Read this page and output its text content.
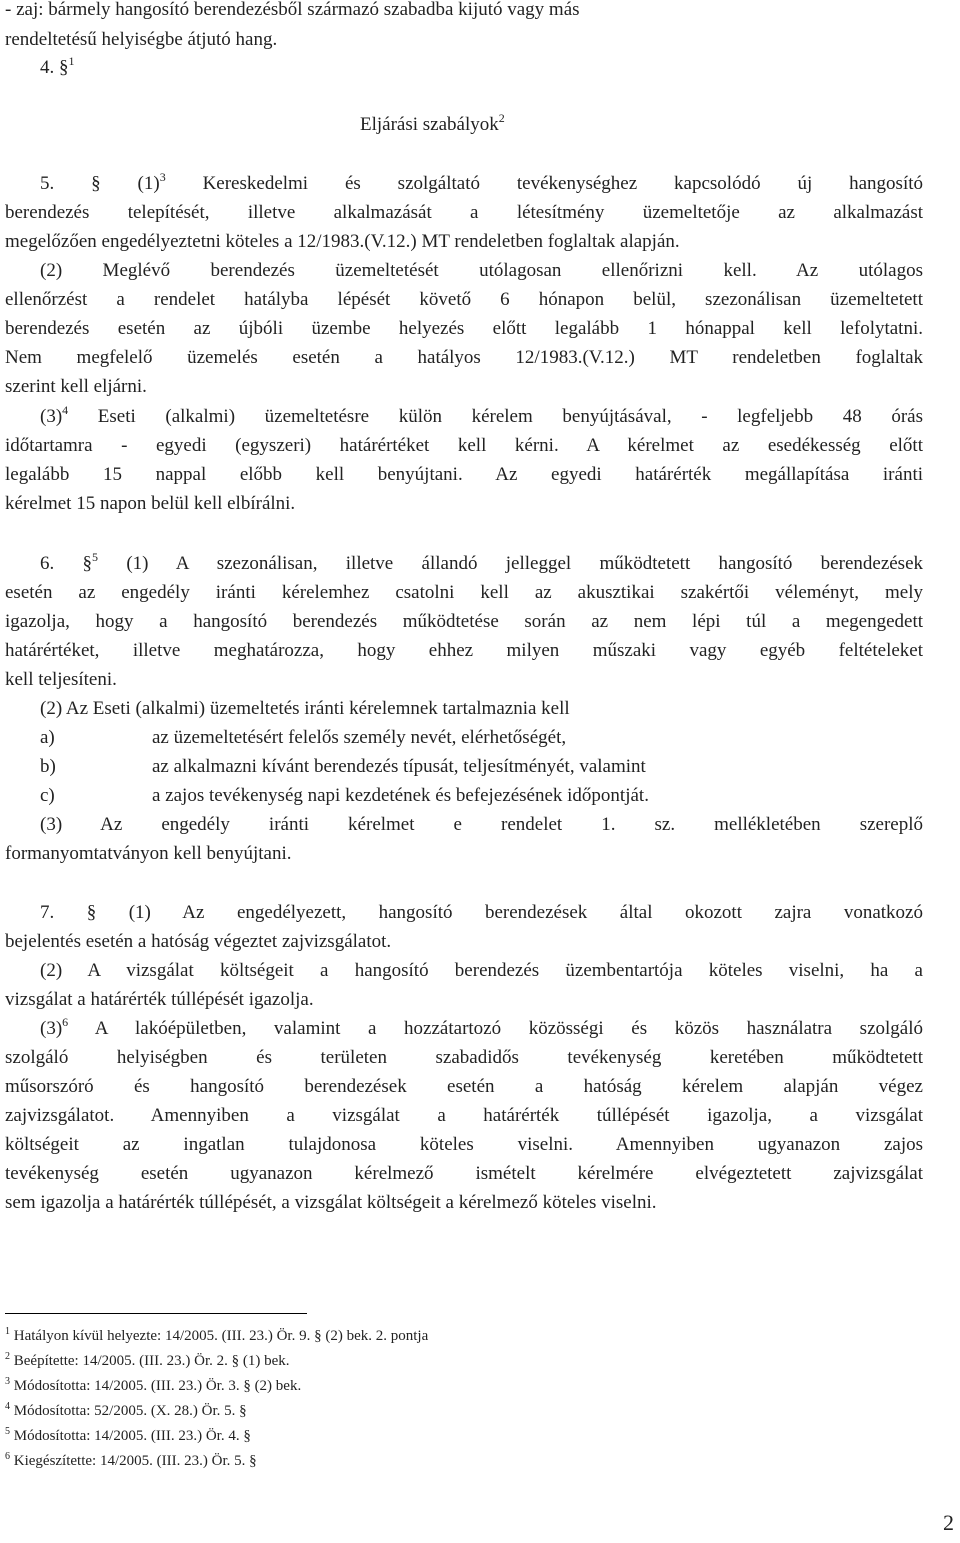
- zaj: bármely hangosító berendezésből származó szabadba kijutó vagy más
rendeltetésű helyiségbe átjutó hang.
4. §$^1$
Eljárási szabályok$^2$
5. § $(1)^3$ Kereskedelmi és szolgáltató tevékenységhez kapcsolódó új hangosító
berendezés telepítését, illetve alkalmazását a létesítmény üzemeltetője az alkalmazást
megelőzően engedélyeztetni köteles a 12/1983.(V.12.) MT rendeletben foglaltak alapján.
(2) Meglévő berendezés üzemeltetését utólagosan ellenőrizni kell. Az utólagos
ellenőrzést a rendelet hatályba lépését követő 6 hónapon belül, szezonálisan üzemeltetett
berendezés esetén az újbóli üzembe helyezés előtt legalább 1 hónappal kell lefolytatni.
Nem megfelelő üzemelés esetén a hatályos 12/1983.(V.12.) MT rendeletben foglaltak
szerint kell eljárni.
$(3)^4$ Eseti (alkalmi) üzemeltetésre külön kérelem benyújtásával, - legfeljebb 48 órás
időtartamra - egyedi (egyszeri) határértéket kell kérni. A kérelmet az esedékesség előtt
legalább 15 nappal előbb kell benyújtani. Az egyedi határérték megállapítása iránti
kérelmet 15 napon belül kell elbírálni.
6. §$^5$ (1) A szezonálisan, illetve állandó jelleggel működtetett hangosító berendezések
esetén az engedély iránti kérelemhez csatolni kell az akusztikai szakértői véleményt, mely
igazolja, hogy a hangosító berendezés működtetése során az nem lépi túl a megengedett
határértéket, illetve meghatározza, hogy ehhez milyen műszaki vagy egyéb feltételeket
kell teljesíteni.
(2) Az Eseti (alkalmi) üzemeltetés iránti kérelemnek tartalmaznia kell
a)	az üzemeltetésért felelős személy nevét, elérhetőségét,
b)	az alkalmazni kívánt berendezés típusát, teljesítményét, valamint
c)	a zajos tevékenység napi kezdetének és befejezésének időpontját.
(3) Az engedély iránti kérelmet e rendelet 1. sz. mellékletében szereplő
formanyomtatványon kell benyújtani.
7. § (1) Az engedélyezett, hangosító berendezések által okozott zajra vonatkozó
bejelentés esetén a hatóság végeztet zajvizsgálatot.
(2) A vizsgálat költségeit a hangosító berendezés üzembentartója köteles viselni, ha a
vizsgálat a határérték túllépését igazolja.
$(3)^6$ A lakóépületben, valamint a hozzátartozó közösségi és közös használatra szolgáló
szolgáló helyiségben és területen szabadidős tevékenység keretében működtetett
műsorszóró és hangosító berendezések esetén a hatóság kérelem alapján végez
zajvizsgálatot. Amennyiben a vizsgálat a határérték túllépését igazolja, a vizsgálat
költségeit az ingatlan tulajdonosa köteles viselni. Amennyiben ugyanazon zajos
tevékenység esetén ugyanazon kérelmező ismételt kérelmére elvégeztetett zajvizsgálat
sem igazolja a határérték túllépését, a vizsgálat költségeit a kérelmező köteles viselni.
$^1$ Hatályon kívül helyezte: 14/2005. (III. 23.) Ör. 9. § (2) bek. 2. pontja
$^2$ Beépítette: 14/2005. (III. 23.) Ör. 2. § (1) bek.
$^3$ Módosította: 14/2005. (III. 23.) Ör. 3. § (2) bek.
$^4$ Módosította: 52/2005. (X. 28.) Ör. 5. §
$^5$ Módosította: 14/2005. (III. 23.) Ör. 4. §
$^6$ Kiegészítette: 14/2005. (III. 23.) Ör. 5. §
2
